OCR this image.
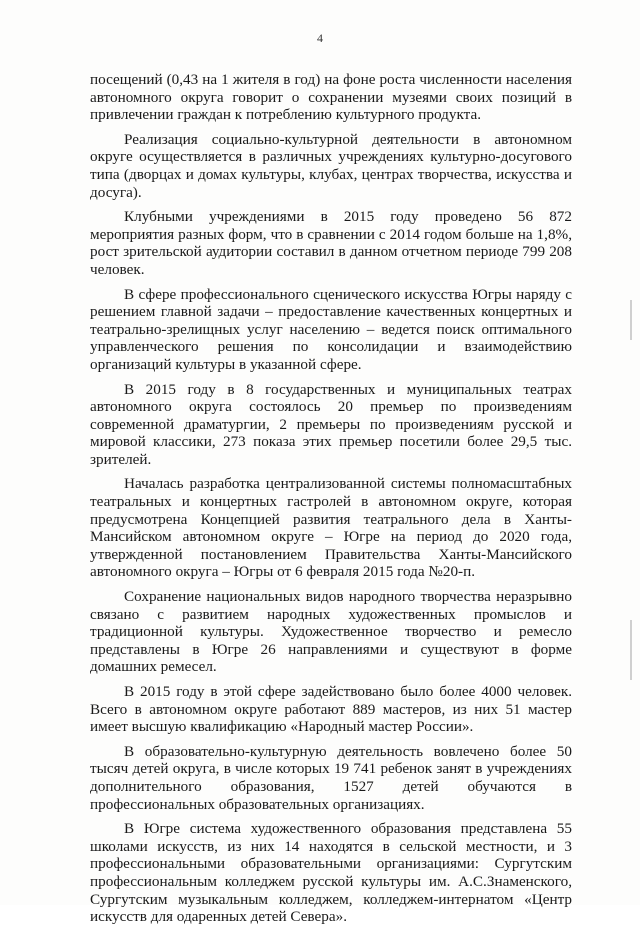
4

посещений (0,43 на 1 жителя в год) на фоне роста численности населения автономного округа говорит о сохранении музеями своих позиций в привлечении граждан к потреблению культурного продукта.

Реализация социально-культурной деятельности в автономном округе осуществляется в различных учреждениях культурно-досугового типа (дворцах и домах культуры, клубах, центрах творчества, искусства и досуга).

Клубными учреждениями в 2015 году проведено 56 872 мероприятия разных форм, что в сравнении с 2014 годом больше на 1,8%, рост зрительской аудитории составил в данном отчетном периоде 799 208 человек.

В сфере профессионального сценического искусства Югры наряду с решением главной задачи – предоставление качественных концертных и театрально-зрелищных услуг населению – ведется поиск оптимального управленческого решения по консолидации и взаимодействию организаций культуры в указанной сфере.

В 2015 году в 8 государственных и муниципальных театрах автономного округа состоялось 20 премьер по произведениям современной драматургии, 2 премьеры по произведениям русской и мировой классики, 273 показа этих премьер посетили более 29,5 тыс. зрителей.

Началась разработка централизованной системы полномасштабных театральных и концертных гастролей в автономном округе, которая предусмотрена Концепцией развития театрального дела в Ханты-Мансийском автономном округе – Югре на период до 2020 года, утвержденной постановлением Правительства Ханты-Мансийского автономного округа – Югры от 6 февраля 2015 года №20-п.

Сохранение национальных видов народного творчества неразрывно связано с развитием народных художественных промыслов и традиционной культуры. Художественное творчество и ремесло представлены в Югре 26 направлениями и существуют в форме домашних ремесел.

В 2015 году в этой сфере задействовано было более 4000 человек. Всего в автономном округе работают 889 мастеров, из них 51 мастер имеет высшую квалификацию «Народный мастер России».

В образовательно-культурную деятельность вовлечено более 50 тысяч детей округа, в числе которых 19 741 ребенок занят в учреждениях дополнительного образования, 1527 детей обучаются в профессиональных образовательных организациях.

В Югре система художественного образования представлена 55 школами искусств, из них 14 находятся в сельской местности, и 3 профессиональными образовательными организациями: Сургутским профессиональным колледжем русской культуры им. А.С.Знаменского, Сургутским музыкальным колледжем, колледжем-интернатом «Центр искусств для одаренных детей Севера».
